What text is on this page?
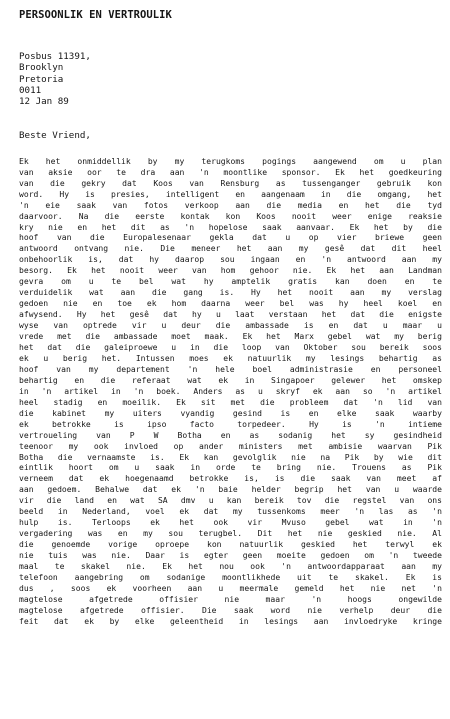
PERSOONLIK EN VERTROULIK
Posbus 11391,
Brooklyn
Pretoria
0011
12 Jan 89
Beste Vriend,
Ek het onmiddellik by my terugkoms pogings aangewend om u plan
van aksie oor te dra aan 'n moontlike sponsor. Ek het goedkeuring
van die gekry dat Koos van Rensburg as tussenganger gebruik kon
word. Hy is presies, intelligent en aangenaam in die omgang, het
'n eie saak van fotos verkoop aan die media en het die tyd
daarvoor. Na die eerste kontak kon Koos nooit weer enige reaksie
kry nie en het dit as 'n hopelose saak aanvaar. Ek het by die
hoof van die Europalesenaar gekla dat u op vier briewe geen
antwoord ontvang nie. Die meneer het aan my gesê dat dit heel
onbehoorlik is, dat hy daarop sou ingaan en 'n antwoord aan my
besorg. Ek het nooit weer van hom gehoor nie. Ek het aan Landman
gevra om u te bel wat hy amptelik gratis kan doen en te
verduidelik wat aan die gang is. Hy het nooit aan my verslag
gedoen nie en toe ek hom daarna weer bel was hy heel koel en
afwysend. Hy het gesê dat hy u laat verstaan het dat die enigste
wyse van optrede vir u deur die ambassade is en dat u maar u
vrede met die ambassade moet maak. Ek het Marx gebel wat my berig
het dat die galeiproewe u in die loop van Oktober sou bereik soos
ek u berig het. Intussen moes ek natuurlik my lesings behartig as
hoof van my departement 'n hele boel administrasie en personeel
behartig en die referaat wat ek in Singapoer gelewer het omskep
in 'n artikel in 'n boek. Anders as u skryf ek aan so 'n artikel
heel stadig en moeilik. Ek sit met die probleem dat 'n lid van
die kabinet my uiters vyandig gesind is en elke saak waarby
ek betrokke is ipso facto torpedeer. Hy is 'n intieme
vertroueling van P W Botha en as sodanig het sy gesindheid
teenoor my ook invloed op ander ministers met ambisie waarvan Pik
Botha die vernaamste is. Ek kan gevolglik nie na Pik by wie dit
eintlik hoort om u saak in orde te bring nie. Trouens as Pik
verneem dat ek hoegenaamd betrokke is, is die saak van meet af
aan gedoem. Behalwe dat ek 'n baie helder begrip het van u waarde
vir die land en wat SA dmv u kan bereik tov die regstel van ons
beeld in Nederland, voel ek dat my tussenkoms meer 'n las as 'n
hulp is. Terloops ek het ook vir Mvuso gebel wat in 'n
vergadering was en my sou terugbel. Dit het nie geskied nie. Al
die genoemde vorige oproepe kon natuurlik geskied het terwyl ek
nie tuis was nie. Daar is egter geen moeite gedoen om 'n tweede
maal te skakel nie. Ek het nou ook 'n antwoordapparaat aan my
telefoon aangebring om sodanige moontlikhede uit te skakel. Ek is
dus , soos ek voorheen aan u meermale gemeld het nie net 'n
magtelose afgetrede offisier nie maar 'n hoogs ongewilde
magtelose afgetrede offisier. Die saak word nie verhelp deur die
feit dat ek by elke geleentheid in lesings aan invloedryke kringe
